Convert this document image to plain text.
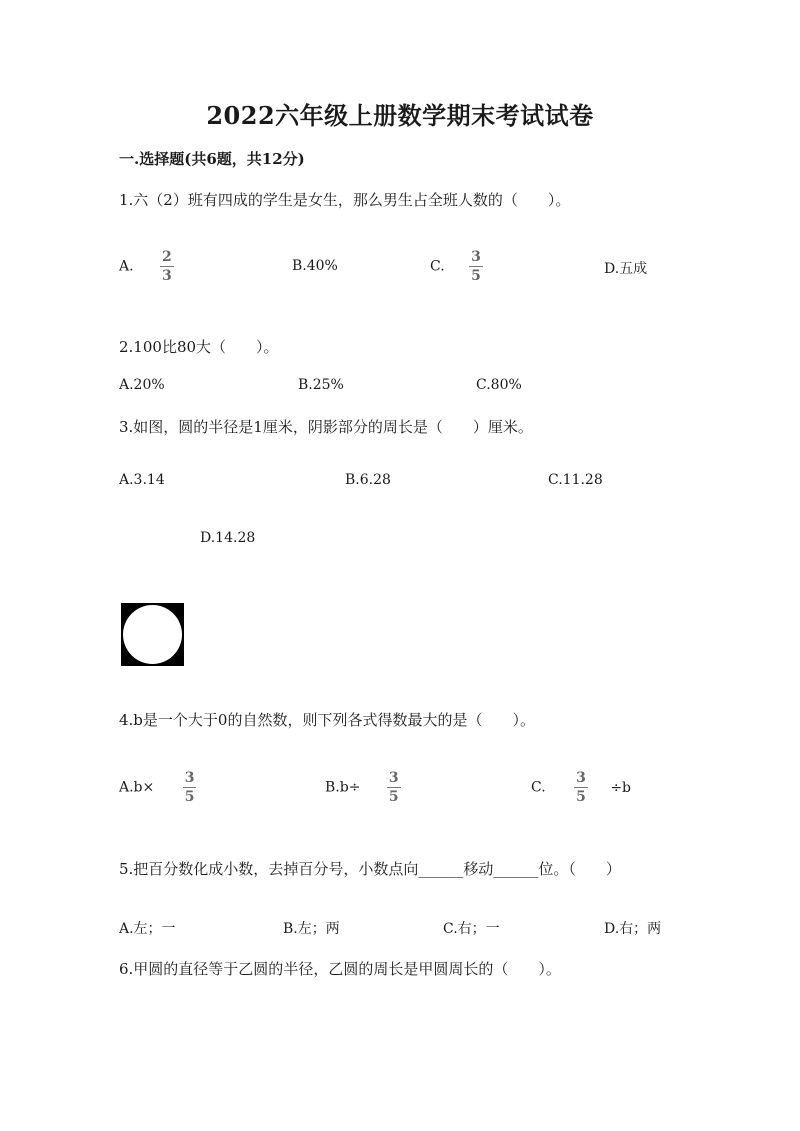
2022六年级上册数学期末考试试卷
一.选择题(共6题，共12分)
1.六（2）班有四成的学生是女生，那么男生占全班人数的（　　）。
A. $\frac{2}{3}$	B.40%	C. $\frac{3}{5}$	D.五成
2.100比80大（　　）。
A.20%	B.25%	C.80%
3.如图，圆的半径是1厘米，阴影部分的周长是（　　）厘米。
A.3.14	B.6.28	C.11.28
D.14.28
4.b是一个大于0的自然数，则下列各式得数最大的是（　　）。
$A.b\times \frac{3}{5}$	$B.b\div \frac{3}{5}$	C. $\frac{3}{5} \div b$
5.把百分数化成小数，去掉百分号，小数点向______移动______位。（　　）
A.左；一	B.左；两	C.右；一	D.右；两
6.甲圆的直径等于乙圆的半径，乙圆的周长是甲圆周长的（　　）。
